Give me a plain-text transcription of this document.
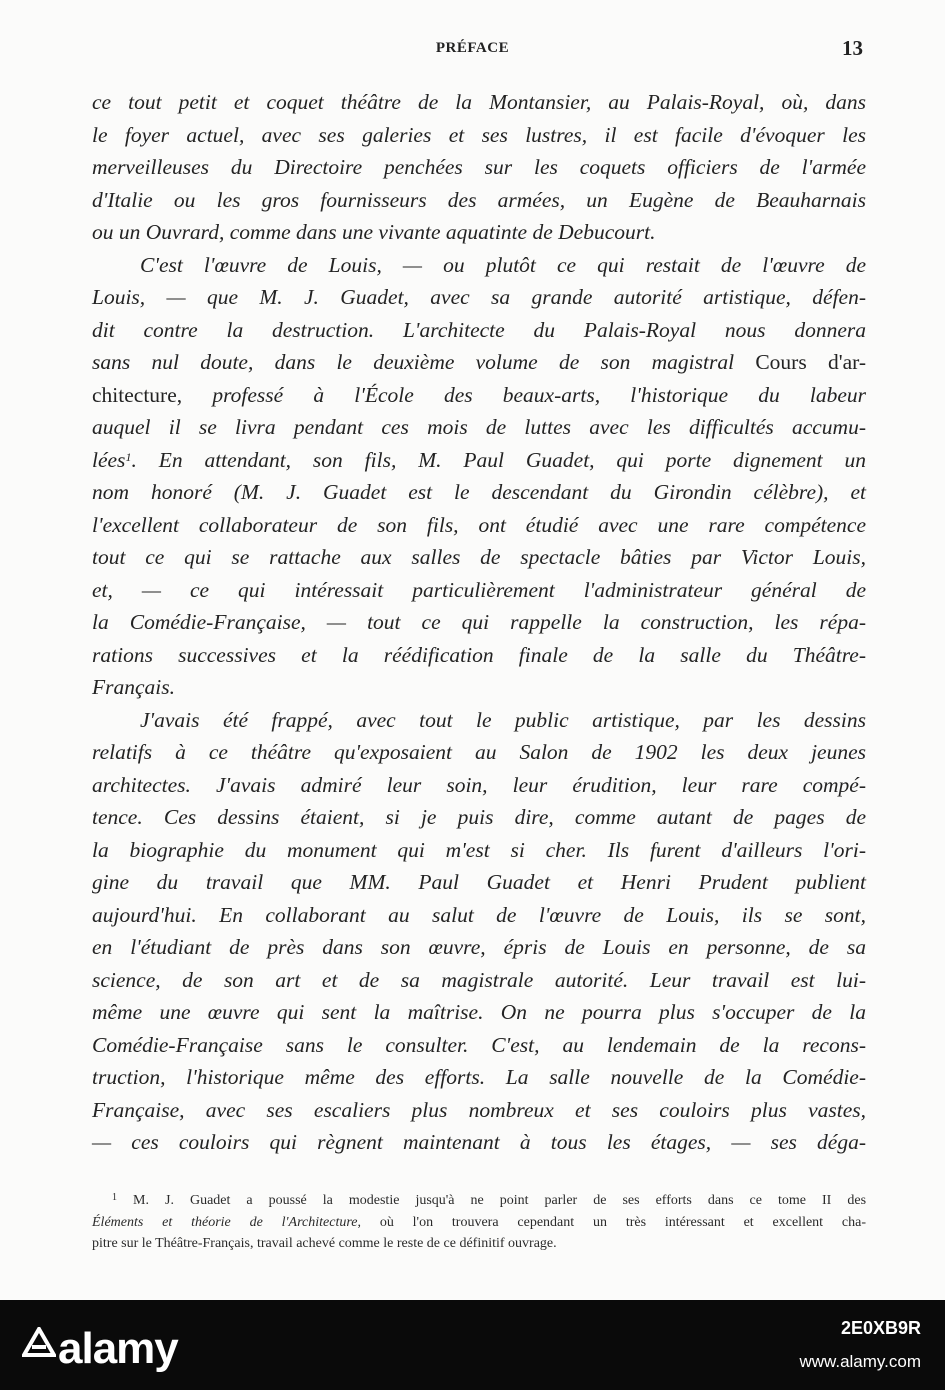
PRÉFACE	13
ce tout petit et coquet théâtre de la Montansier, au Palais-Royal, où, dans
le foyer actuel, avec ses galeries et ses lustres, il est facile d'évoquer les
merveilleuses du Directoire penchées sur les coquets officiers de l'armée
d'Italie ou les gros fournisseurs des armées, un Eugène de Beauharnais
ou un Ouvrard, comme dans une vivante aquatinte de Debucourt.
C'est l'œuvre de Louis, — ou plutôt ce qui restait de l'œuvre de
Louis, — que M. J. Guadet, avec sa grande autorité artistique, défen-
dit contre la destruction. L'architecte du Palais-Royal nous donnera
sans nul doute, dans le deuxième volume de son magistral Cours d'ar-
chitecture, professé à l'École des beaux-arts, l'historique du labeur
auquel il se livra pendant ces mois de luttes avec les difficultés accumu-
lées$^1$. En attendant, son fils, M. Paul Guadet, qui porte dignement un
nom honoré (M. J. Guadet est le descendant du Girondin célèbre), et
l'excellent collaborateur de son fils, ont étudié avec une rare compétence
tout ce qui se rattache aux salles de spectacle bâties par Victor Louis,
et, — ce qui intéressait particulièrement l'administrateur général de
la Comédie-Française, — tout ce qui rappelle la construction, les répa-
rations successives et la réédification finale de la salle du Théâtre-
Français.
J'avais été frappé, avec tout le public artistique, par les dessins
relatifs à ce théâtre qu'exposaient au Salon de 1902 les deux jeunes
architectes. J'avais admiré leur soin, leur érudition, leur rare compé-
tence. Ces dessins étaient, si je puis dire, comme autant de pages de
la biographie du monument qui m'est si cher. Ils furent d'ailleurs l'ori-
gine du travail que MM. Paul Guadet et Henri Prudent publient
aujourd'hui. En collaborant au salut de l'œuvre de Louis, ils se sont,
en l'étudiant de près dans son œuvre, épris de Louis en personne, de sa
science, de son art et de sa magistrale autorité. Leur travail est lui-
même une œuvre qui sent la maîtrise. On ne pourra plus s'occuper de la
Comédie-Française sans le consulter. C'est, au lendemain de la recons-
truction, l'historique même des efforts. La salle nouvelle de la Comédie-
Française, avec ses escaliers plus nombreux et ses couloirs plus vastes,
— ces couloirs qui règnent maintenant à tous les étages, — ses déga-
$^1$ M. J. Guadet a poussé la modestie jusqu'à ne point parler de ses efforts dans ce tome II des
Éléments et théorie de l'Architecture, où l'on trouvera cependant un très intéressant et excellent cha-
pitre sur le Théâtre-Français, travail achevé comme le reste de ce définitif ouvrage.
alamy	2E0XB9R
www.alamy.com
